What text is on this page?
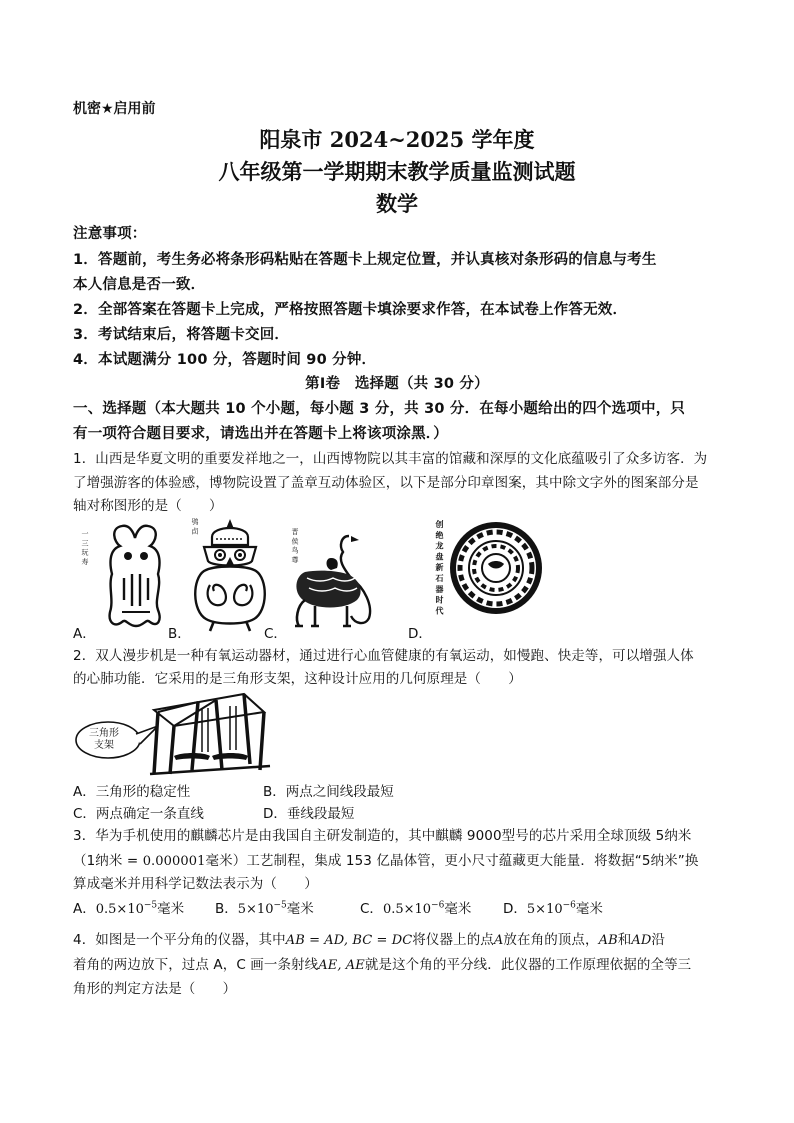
机密★启用前
阳泉市 2024~2025 学年度
八年级第一学期期末教学质量监测试题
数学
注意事项：
1．答题前，考生务必将条形码粘贴在答题卡上规定位置，并认真核对条形码的信息与考生
本人信息是否一致．
2．全部答案在答题卡上完成，严格按照答题卡填涂要求作答，在本试卷上作答无效．
3．考试结束后，将答题卡交回．
4．本试题满分 100 分，答题时间 90 分钟．
第Ⅰ卷　选择题（共 30 分）
一、选择题（本大题共 10 个小题，每小题 3 分，共 30 分．在每小题给出的四个选项中，只
有一项符合题目要求，请选出并在答题卡上将该项涂黑．）
1．山西是华夏文明的重要发祥地之一，山西博物院以其丰富的馆藏和深厚的文化底蕴吸引了众多访客．为
了增强游客的体验感，博物院设置了盖章互动体验区，以下是部分印章图案，其中除文字外的图案部分是
轴对称图形的是（　　）
一 三 玩 寿
鸮 卣
晋 侯 鸟 尊	创 绝 龙 盘 新 石 器 时 代
A．	B．	C．	D．
2．双人漫步机是一种有氧运动器材，通过进行心血管健康的有氧运动，如慢跑、快走等，可以增强人体
的心肺功能．它采用的是三角形支架，这种设计应用的几何原理是（　　）
三角形
支架
A．三角形的稳定性	B．两点之间线段最短
C．两点确定一条直线	D．垂线段最短
3．华为手机使用的麒麟芯片是由我国自主研发制造的，其中麒麟 9000型号的芯片采用全球顶级 5纳米
（1纳米 = 0.000001毫米）工艺制程，集成 153 亿晶体管，更小尺寸蕴藏更大能量．将数据“5纳米”换
算成毫米并用科学记数法表示为（　　）
A．$0.5\times 10^{-5}$毫米 B．$5\times 10^{-5}$毫米	C．$0.5\times 10^{-6}$毫米 D．$5\times 10^{-6}$毫米
4．如图是一个平分角的仪器，其中AB = AD, BC = DC将仪器上的点A放在角的顶点，AB和AD沿
着角的两边放下，过点 A，C 画一条射线AE, AE就是这个角的平分线．此仪器的工作原理依据的全等三
角形的判定方法是（　　）
